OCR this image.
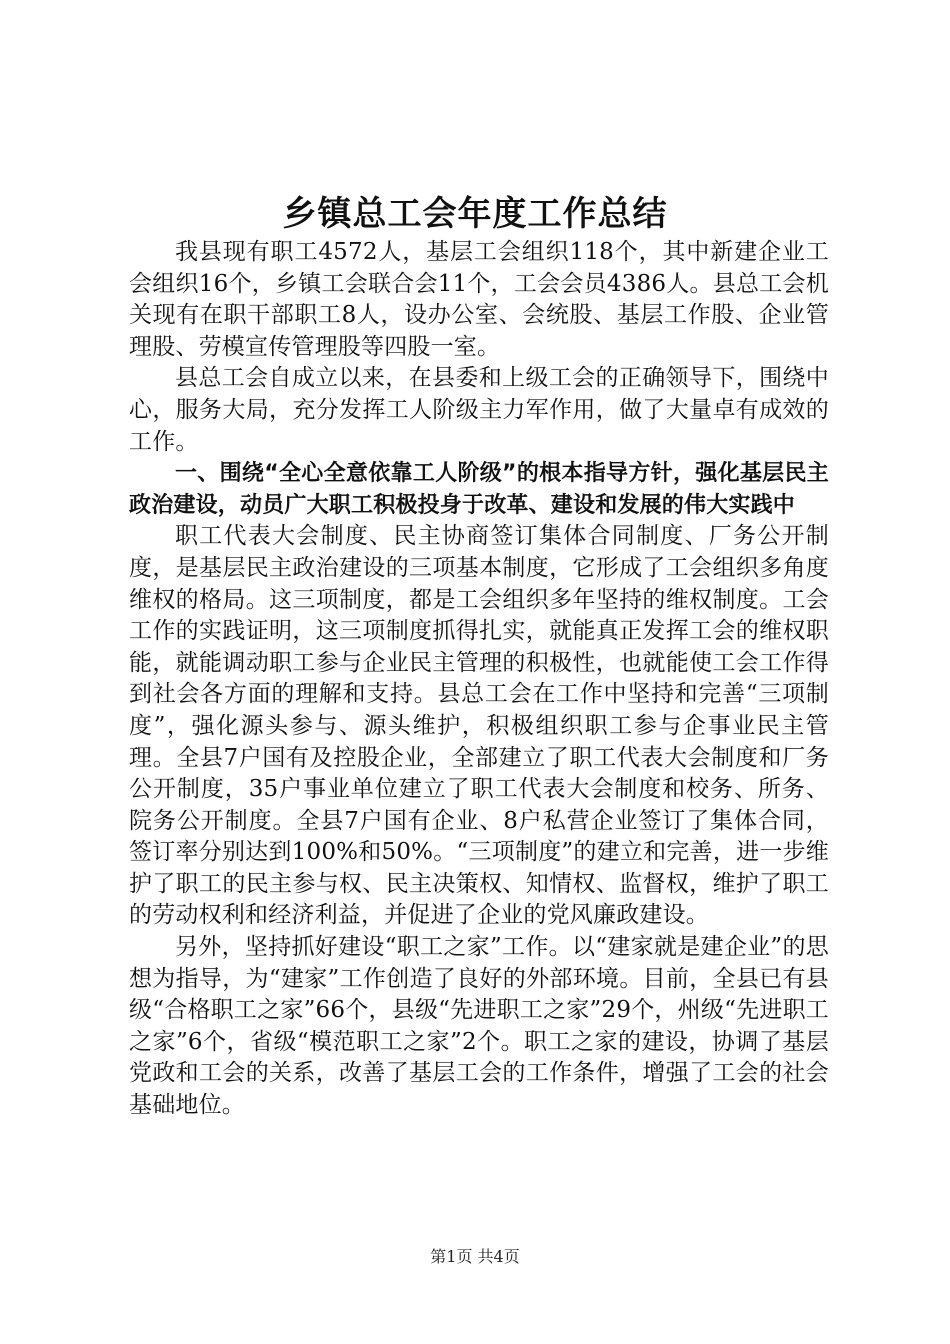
乡镇总工会年度工作总结

我县现有职工4572人，基层工会组织118个，其中新建企业工会组织16个，乡镇工会联合会11个，工会会员4386人。县总工会机关现有在职干部职工8人，设办公室、会统股、基层工作股、企业管理股、劳模宣传管理股等四股一室。

县总工会自成立以来，在县委和上级工会的正确领导下，围绕中心，服务大局，充分发挥工人阶级主力军作用，做了大量卓有成效的工作。

一、围绕“全心全意依靠工人阶级”的根本指导方针，强化基层民主政治建设，动员广大职工积极投身于改革、建设和发展的伟大实践中

职工代表大会制度、民主协商签订集体合同制度、厂务公开制度，是基层民主政治建设的三项基本制度，它形成了工会组织多角度维权的格局。这三项制度，都是工会组织多年坚持的维权制度。工会工作的实践证明，这三项制度抓得扎实，就能真正发挥工会的维权职能，就能调动职工参与企业民主管理的积极性，也就能使工会工作得到社会各方面的理解和支持。县总工会在工作中坚持和完善“三项制度”，强化源头参与、源头维护，积极组织职工参与企事业民主管理。全县7户国有及控股企业，全部建立了职工代表大会制度和厂务公开制度，35户事业单位建立了职工代表大会制度和校务、所务、院务公开制度。全县7户国有企业、8户私营企业签订了集体合同，签订率分别达到100%和50%。“三项制度”的建立和完善，进一步维护了职工的民主参与权、民主决策权、知情权、监督权，维护了职工的劳动权利和经济利益，并促进了企业的党风廉政建设。

另外，坚持抓好建设“职工之家”工作。以“建家就是建企业”的思想为指导，为“建家”工作创造了良好的外部环境。目前，全县已有县级“合格职工之家”66个，县级“先进职工之家”29个，州级“先进职工之家”6个，省级“模范职工之家”2个。职工之家的建设，协调了基层党政和工会的关系，改善了基层工会的工作条件，增强了工会的社会基础地位。

第1页 共4页
